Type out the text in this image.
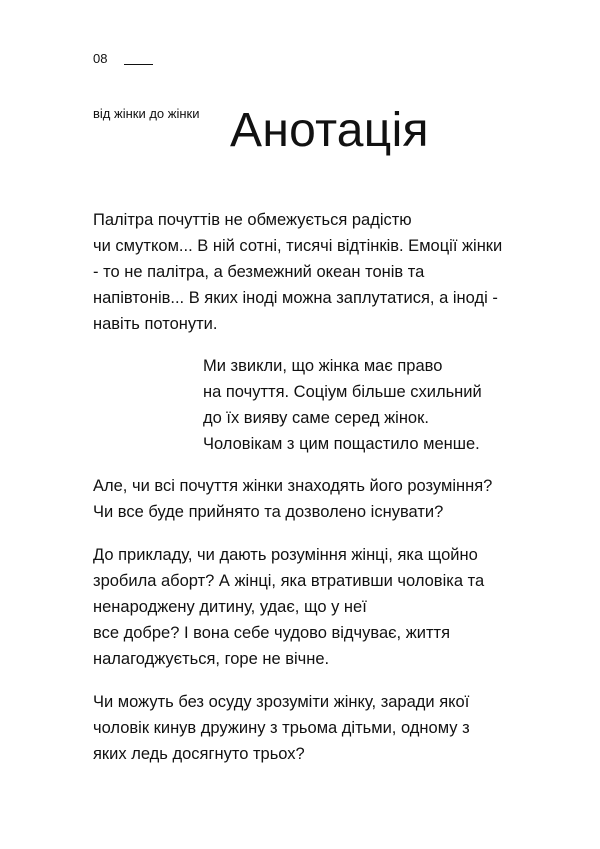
08
від жінки до жінки Анотація

Палітра почуттів не обмежується радістю
чи смутком... В ній сотні, тисячі відтінків. Емоції жінки
- то не палітра, а безмежний океан тонів та
напівтонів... В яких іноді можна заплутатися, а іноді -
навіть потонути.

Ми звикли, що жінка має право
на почуття. Соціум більше схильний
до їх вияву саме серед жінок.
Чоловікам з цим пощастило менше.

Але, чи всі почуття жінки знаходять його розуміння?
Чи все буде прийнято та дозволено існувати?

До прикладу, чи дають розуміння жінці, яка щойно
зробила аборт? А жінці, яка втративши чоловіка та
ненароджену дитину, удає, що у неї
все добре? І вона себе чудово відчуває, життя
налагоджується, горе не вічне.

Чи можуть без осуду зрозуміти жінку, заради якої
чоловік кинув дружину з трьома дітьми, одному з
яких ледь досягнуто трьох?
